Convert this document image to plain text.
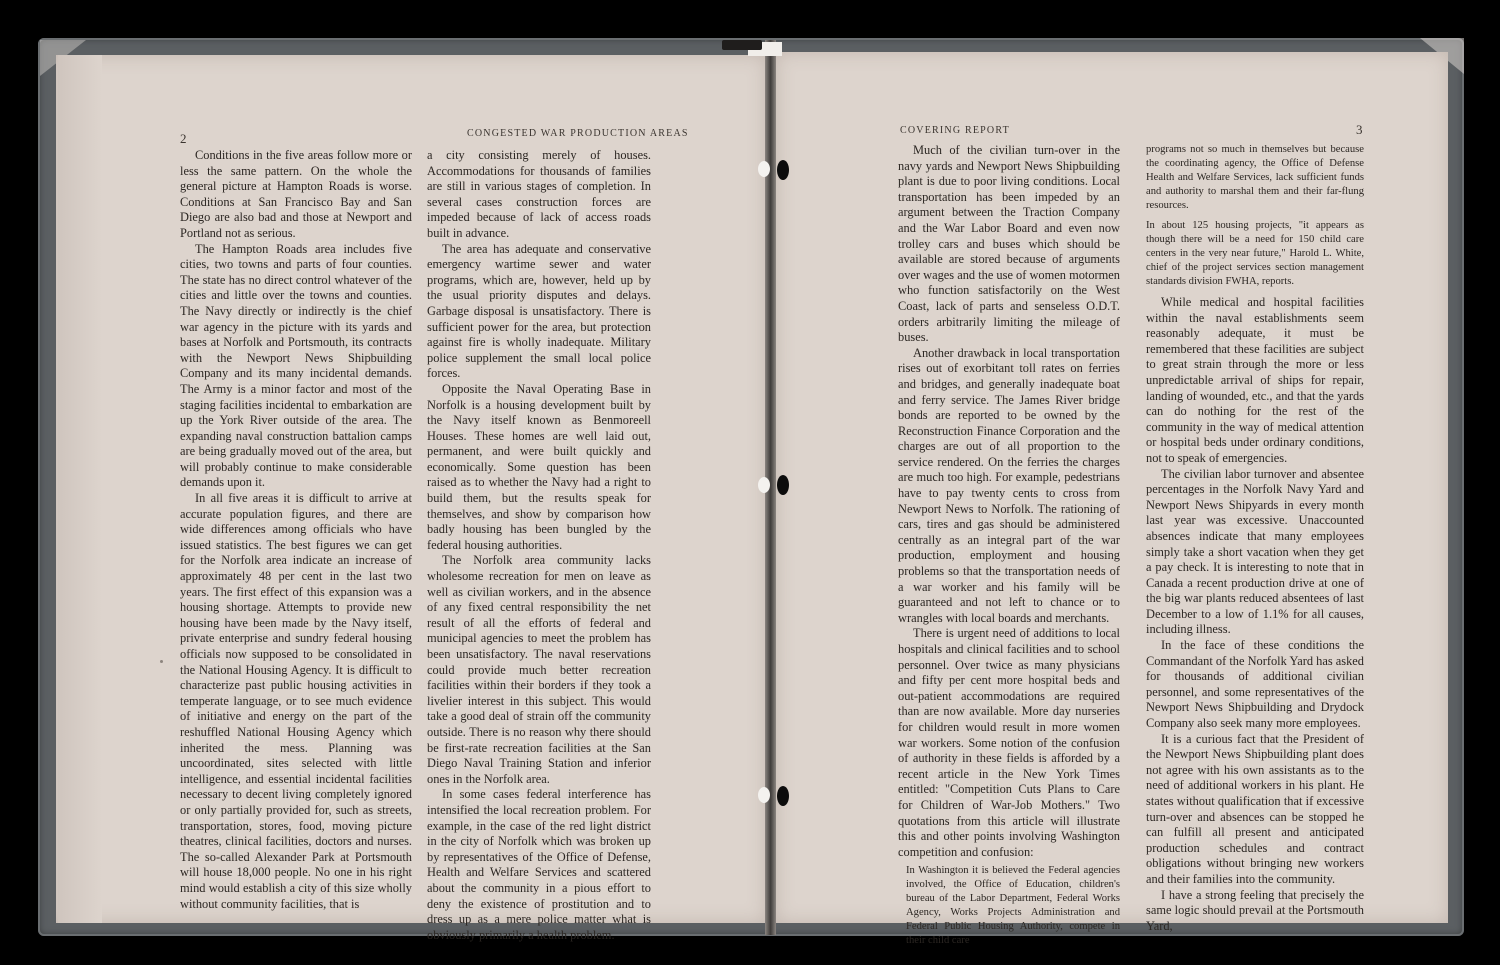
2	CONGESTED WAR PRODUCTION AREAS

Conditions in the five areas follow more or less the same pattern. On the whole the general picture at Hampton Roads is worse. Conditions at San Francisco Bay and San Diego are also bad and those at Newport and Portland not as serious.

The Hampton Roads area includes five cities, two towns and parts of four counties. The state has no direct control whatever of the cities and little over the towns and counties. The Navy directly or indirectly is the chief war agency in the picture with its yards and bases at Norfolk and Portsmouth, its contracts with the Newport News Shipbuilding Company and its many incidental demands. The Army is a minor factor and most of the staging facilities incidental to embarkation are up the York River outside of the area. The expanding naval construction battalion camps are being gradually moved out of the area, but will probably continue to make considerable demands upon it.

In all five areas it is difficult to arrive at accurate population figures, and there are wide differences among officials who have issued statistics. The best figures we can get for the Norfolk area indicate an increase of approximately 48 per cent in the last two years. The first effect of this expansion was a housing shortage. Attempts to provide new housing have been made by the Navy itself, private enterprise and sundry federal housing officials now supposed to be consolidated in the National Housing Agency. It is difficult to characterize past public housing activities in temperate language, or to see much evidence of initiative and energy on the part of the reshuffled National Housing Agency which inherited the mess. Planning was uncoordinated, sites selected with little intelligence, and essential incidental facilities necessary to decent living completely ignored or only partially provided for, such as streets, transportation, stores, food, moving picture theatres, clinical facilities, doctors and nurses. The so-called Alexander Park at Portsmouth will house 18,000 people. No one in his right mind would establish a city of this size wholly without community facilities, that is

a city consisting merely of houses. Accommodations for thousands of families are still in various stages of completion. In several cases construction forces are impeded because of lack of access roads built in advance.

The area has adequate and conservative emergency wartime sewer and water programs, which are, however, held up by the usual priority disputes and delays. Garbage disposal is unsatisfactory. There is sufficient power for the area, but protection against fire is wholly inadequate. Military police supplement the small local police forces.

Opposite the Naval Operating Base in Norfolk is a housing development built by the Navy itself known as Benmoreell Houses. These homes are well laid out, permanent, and were built quickly and economically. Some question has been raised as to whether the Navy had a right to build them, but the results speak for themselves, and show by comparison how badly housing has been bungled by the federal housing authorities.

The Norfolk area community lacks wholesome recreation for men on leave as well as civilian workers, and in the absence of any fixed central responsibility the net result of all the efforts of federal and municipal agencies to meet the problem has been unsatisfactory. The naval reservations could provide much better recreation facilities within their borders if they took a livelier interest in this subject. This would take a good deal of strain off the community outside. There is no reason why there should be first-rate recreation facilities at the San Diego Naval Training Station and inferior ones in the Norfolk area.

In some cases federal interference has intensified the local recreation problem. For example, in the case of the red light district in the city of Norfolk which was broken up by representatives of the Office of Defense, Health and Welfare Services and scattered about the community in a pious effort to deny the existence of prostitution and to dress up as a mere police matter what is obviously primarily a health problem.

COVERING REPORT	3

Much of the civilian turn-over in the navy yards and Newport News Shipbuilding plant is due to poor living conditions. Local transportation has been impeded by an argument between the Traction Company and the War Labor Board and even now trolley cars and buses which should be available are stored because of arguments over wages and the use of women motormen who function satisfactorily on the West Coast, lack of parts and senseless O.D.T. orders arbitrarily limiting the mileage of buses.

Another drawback in local transportation rises out of exorbitant toll rates on ferries and bridges, and generally inadequate boat and ferry service. The James River bridge bonds are reported to be owned by the Reconstruction Finance Corporation and the charges are out of all proportion to the service rendered. On the ferries the charges are much too high. For example, pedestrians have to pay twenty cents to cross from Newport News to Norfolk. The rationing of cars, tires and gas should be administered centrally as an integral part of the war production, employment and housing problems so that the transportation needs of a war worker and his family will be guaranteed and not left to chance or to wrangles with local boards and merchants.

There is urgent need of additions to local hospitals and clinical facilities and to school personnel. Over twice as many physicians and fifty per cent more hospital beds and out-patient accommodations are required than are now available. More day nurseries for children would result in more women war workers. Some notion of the confusion of authority in these fields is afforded by a recent article in the New York Times entitled: "Competition Cuts Plans to Care for Children of War-Job Mothers." Two quotations from this article will illustrate this and other points involving Washington competition and confusion:

In Washington it is believed the Federal agencies involved, the Office of Education, children's bureau of the Labor Department, Federal Works Agency, Works Projects Administration and Federal Public Housing Authority, compete in their child care

programs not so much in themselves but because the coordinating agency, the Office of Defense Health and Welfare Services, lack sufficient funds and authority to marshal them and their far-flung resources.

In about 125 housing projects, "it appears as though there will be a need for 150 child care centers in the very near future," Harold L. White, chief of the project services section management standards division FWHA, reports.

While medical and hospital facilities within the naval establishments seem reasonably adequate, it must be remembered that these facilities are subject to great strain through the more or less unpredictable arrival of ships for repair, landing of wounded, etc., and that the yards can do nothing for the rest of the community in the way of medical attention or hospital beds under ordinary conditions, not to speak of emergencies.

The civilian labor turnover and absentee percentages in the Norfolk Navy Yard and Newport News Shipyards in every month last year was excessive. Unaccounted absences indicate that many employees simply take a short vacation when they get a pay check. It is interesting to note that in Canada a recent production drive at one of the big war plants reduced absentees of last December to a low of 1.1% for all causes, including illness.

In the face of these conditions the Commandant of the Norfolk Yard has asked for thousands of additional civilian personnel, and some representatives of the Newport News Shipbuilding and Drydock Company also seek many more employees.

It is a curious fact that the President of the Newport News Shipbuilding plant does not agree with his own assistants as to the need of additional workers in his plant. He states without qualification that if excessive turn-over and absences can be stopped he can fulfill all present and anticipated production schedules and contract obligations without bringing new workers and their families into the community.

I have a strong feeling that precisely the same logic should prevail at the Portsmouth Yard,
